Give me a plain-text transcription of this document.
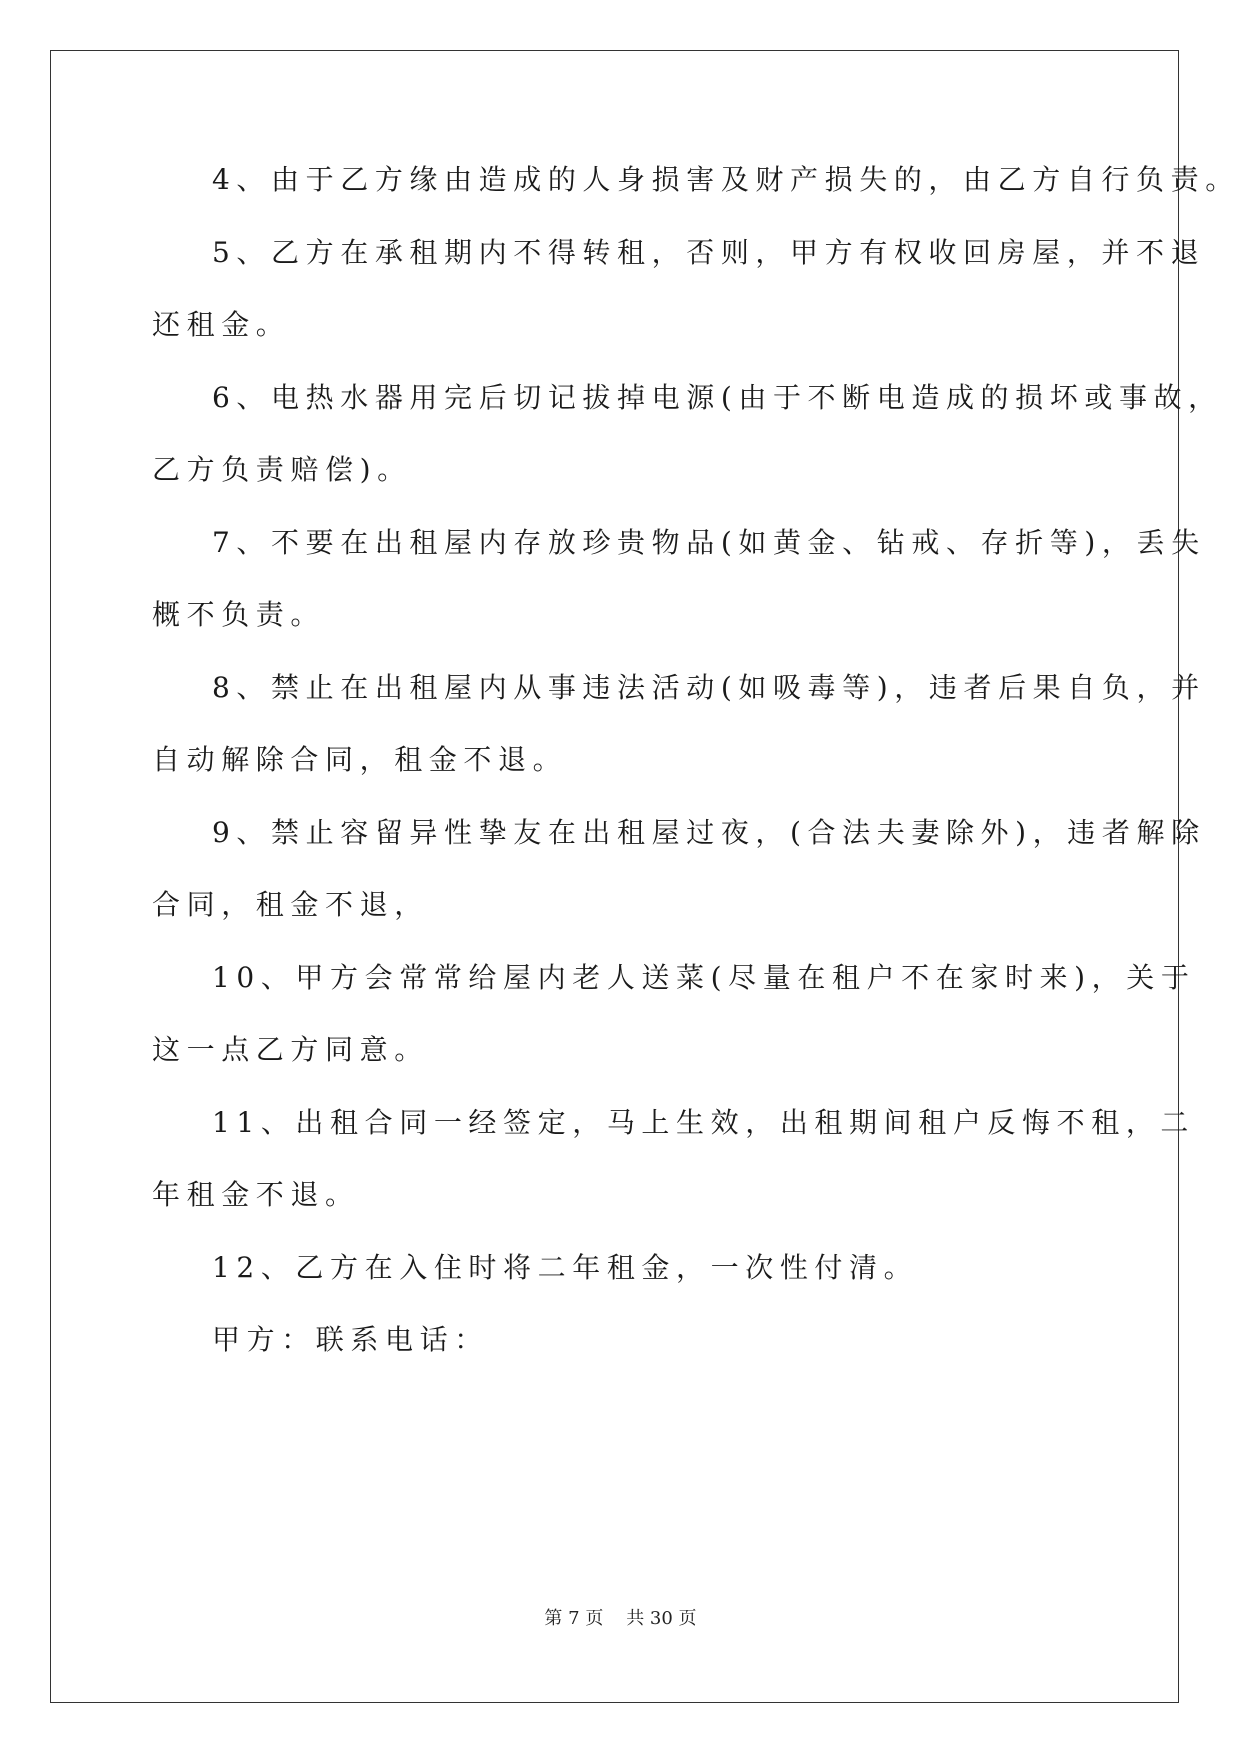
4、由于乙方缘由造成的人身损害及财产损失的，由乙方自行负责。
5、乙方在承租期内不得转租，否则，甲方有权收回房屋，并不退
还租金。
6、电热水器用完后切记拔掉电源(由于不断电造成的损坏或事故，
乙方负责赔偿)。
7、不要在出租屋内存放珍贵物品(如黄金、钻戒、存折等)，丢失
概不负责。
8、禁止在出租屋内从事违法活动(如吸毒等)，违者后果自负，并
自动解除合同，租金不退。
9、禁止容留异性挚友在出租屋过夜，(合法夫妻除外)，违者解除
合同，租金不退，
10、甲方会常常给屋内老人送菜(尽量在租户不在家时来)，关于
这一点乙方同意。
11、出租合同一经签定，马上生效，出租期间租户反悔不租，二
年租金不退。
12、乙方在入住时将二年租金，一次性付清。
甲方：联系电话：
第 7 页    共 30 页
